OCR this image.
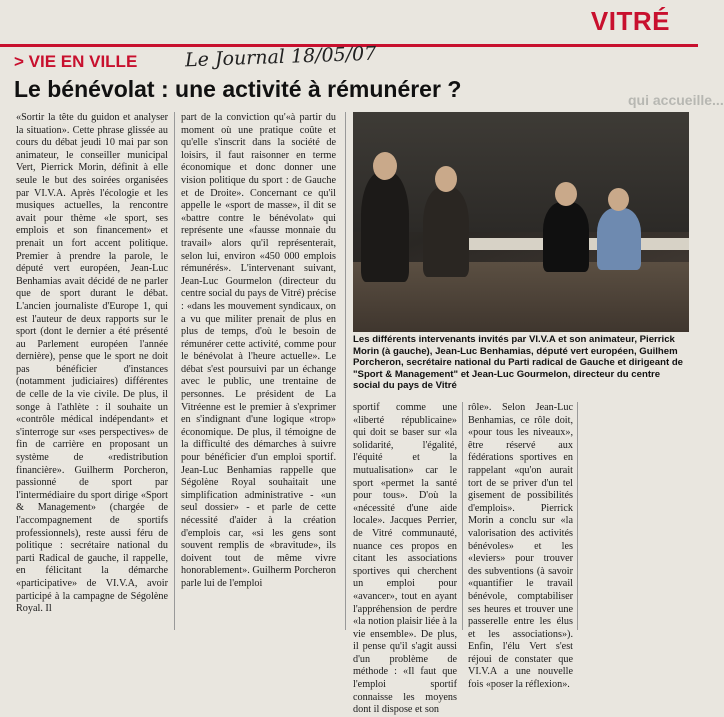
VITRÉ
> VIE EN VILLE Le Journal 18/05/07
Le bénévolat : une activité à rémunérer ?	qui accueille...

«Sortir la tête du guidon et analyser la situation». Cette phrase glissée au cours du débat jeudi 10 mai par son animateur, le conseiller municipal Vert, Pierrick Morin, définit à elle seule le but des soirées organisées par VI.V.A. Après l'écologie et les musiques actuelles, la rencontre avait pour thème «le sport, ses emplois et son financement» et prenait un fort accent politique. Premier à prendre la parole, le député vert européen, Jean-Luc Benhamias avait décidé de ne parler que de sport durant le débat. L'ancien journaliste d'Europe 1, qui est l'auteur de deux rapports sur le sport (dont le dernier a été présenté au Parlement européen l'année dernière), pense que le sport ne doit pas bénéficier d'instances (notamment judiciaires) différentes de celle de la vie civile. De plus, il songe à l'athlète : il souhaite un «contrôle médical indépendant» et s'interroge sur «ses perspectives» de fin de carrière en proposant un système de «redistribution financière». Guilherm Porcheron, passionné de sport par l'intermédiaire du sport dirige «Sport & Management» (chargée de l'accompagnement de sportifs professionnels), reste aussi féru de politique : secrétaire national du parti Radical de gauche, il rappelle, en félicitant la démarche «participative» de VI.V.A, avoir participé à la campagne de Ségolène Royal. Il

part de la conviction qu'«à partir du moment où une pratique coûte et qu'elle s'inscrit dans la société de loisirs, il faut raisonner en terme économique et donc donner une vision politique du sport : de Gauche et de Droite». Concernant ce qu'il appelle le «sport de masse», il dit se «battre contre le bénévolat» qui représente une «fausse monnaie du travail» alors qu'il représenterait, selon lui, environ «450 000 emplois rémunérés». L'intervenant suivant, Jean-Luc Gourmelon (directeur du centre social du pays de Vitré) précise : «dans les mouvement syndicaux, on a vu que militer prenait de plus en plus de temps, d'où le besoin de rémunérer cette activité, comme pour le bénévolat à l'heure actuelle». Le débat s'est poursuivi par un échange avec le public, une trentaine de personnes. Le président de La Vitréenne est le premier à s'exprimer en s'indignant d'une logique «trop» économique. De plus, il témoigne de la difficulté des démarches à suivre pour bénéficier d'un emploi sportif. Jean-Luc Benhamias rappelle que Ségolène Royal souhaitait une simplification administrative - «un seul dossier» - et parle de cette nécessité d'aider à la création d'emplois car, «si les gens sont souvent remplis de «bravitude», ils doivent tout de même vivre honorablement». Guilherm Porcheron parle lui de l'emploi

Les différents intervenants invités par VI.V.A et son animateur, Pierrick Morin (à gauche), Jean-Luc Benhamias, député vert européen, Guilhem Porcheron, secrétaire national du Parti radical de Gauche et dirigeant de "Sport & Management" et Jean-Luc Gourmelon, directeur du centre social du pays de Vitré

sportif comme une «liberté républicaine» qui doit se baser sur «la solidarité, l'égalité, l'équité et la mutualisation» car le sport «permet la santé pour tous». D'où la «nécessité d'une aide locale». Jacques Perrier, de Vitré communauté, nuance ces propos en citant les associations sportives qui cherchent un emploi pour «avancer», tout en ayant l'appréhension de perdre «la notion plaisir liée à la vie ensemble». De plus, il pense qu'il s'agit aussi d'un problème de méthode : «Il faut que l'emploi sportif connaisse les moyens dont il dispose et son

rôle». Selon Jean-Luc Benhamias, ce rôle doit, «pour tous les niveaux», être réservé aux fédérations sportives en rappelant «qu'on aurait tort de se priver d'un tel gisement de possibilités d'emplois». Pierrick Morin a conclu sur «la valorisation des activités bénévoles» et les «leviers» pour trouver des subventions (à savoir «quantifier le travail bénévole, comptabiliser ses heures et trouver une passerelle entre les élus et les associations»). Enfin, l'élu Vert s'est réjoui de constater que VI.V.A a une nouvelle fois «poser la réflexion».
